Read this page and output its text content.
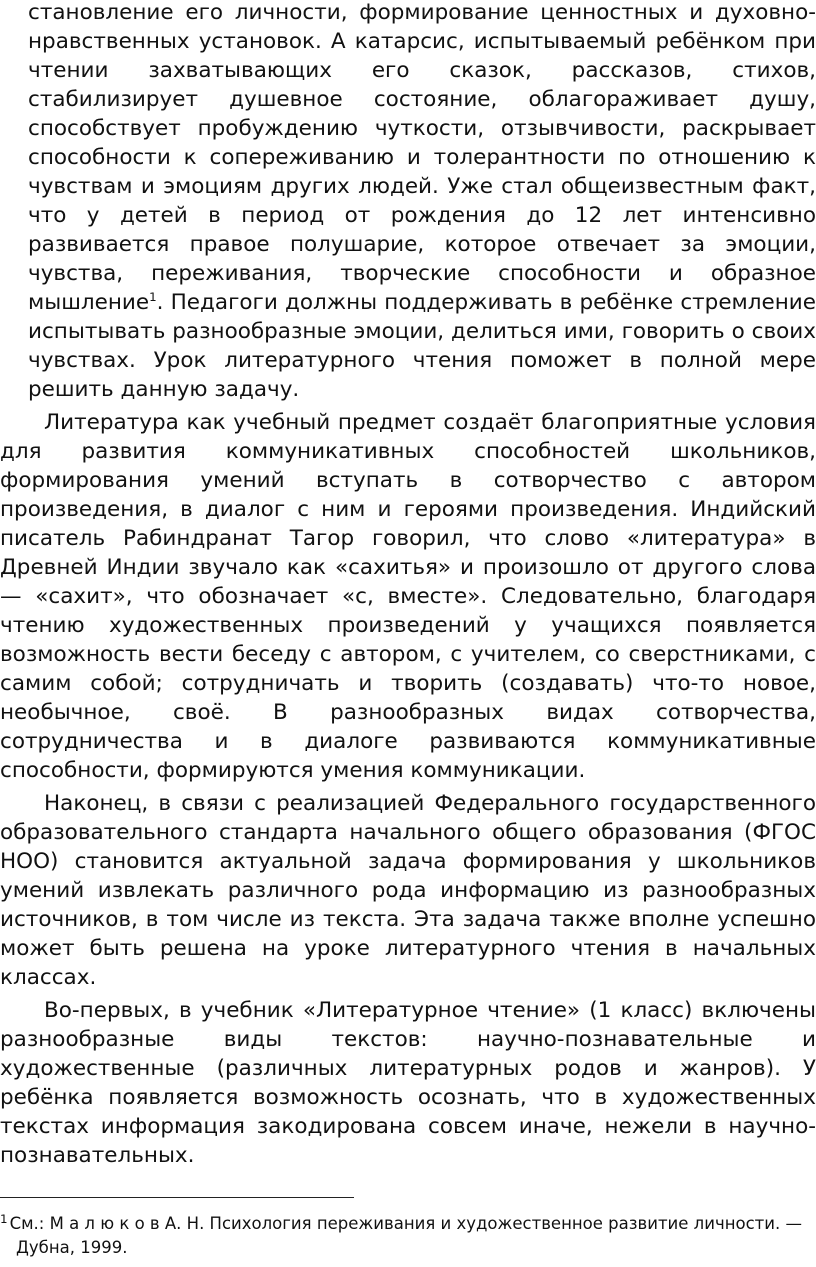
становление его личности, формирование ценностных и духовно-нравственных установок. А катарсис, испытываемый ребёнком при чтении захватывающих его сказок, рассказов, стихов, стабилизирует душевное состояние, облагораживает душу, способствует пробуждению чуткости, отзывчивости, раскрывает способности к сопереживанию и толерантности по отношению к чувствам и эмоциям других людей. Уже стал общеизвестным факт, что у детей в период от рождения до 12 лет интенсивно развивается правое полушарие, которое отвечает за эмоции, чувства, переживания, творческие способности и образное мышление$^1$. Педагоги должны поддерживать в ребёнке стремление испытывать разнообразные эмоции, делиться ими, говорить о своих чувствах. Урок литературного чтения поможет в полной мере решить данную задачу.

Литература как учебный предмет создаёт благоприятные условия для развития коммуникативных способностей школьников, формирования умений вступать в сотворчество с автором произведения, в диалог с ним и героями произведения. Индийский писатель Рабиндранат Тагор говорил, что слово «литература» в Древней Индии звучало как «сахитья» и произошло от другого слова — «сахит», что обозначает «с, вместе». Следовательно, благодаря чтению художественных произведений у учащихся появляется возможность вести беседу с автором, с учителем, со сверстниками, с самим собой; сотрудничать и творить (создавать) что-то новое, необычное, своё. В разнообразных видах сотворчества, сотрудничества и в диалоге развиваются коммуникативные способности, формируются умения коммуникации.

Наконец, в связи с реализацией Федерального государственного образовательного стандарта начального общего образования (ФГОС НОО) становится актуальной задача формирования у школьников умений извлекать различного рода информацию из разнообразных источников, в том числе из текста. Эта задача также вполне успешно может быть решена на уроке литературного чтения в начальных классах.

Во-первых, в учебник «Литературное чтение» (1 класс) включены разнообразные виды текстов: научно-познавательные и художественные (различных литературных родов и жанров). У ребёнка появляется возможность осознать, что в художественных текстах информация закодирована совсем иначе, нежели в научно-познавательных.

$^1$ См.: М а л ю к о в А. Н. Психология переживания и художественное развитие личности. —
Дубна, 1999.
